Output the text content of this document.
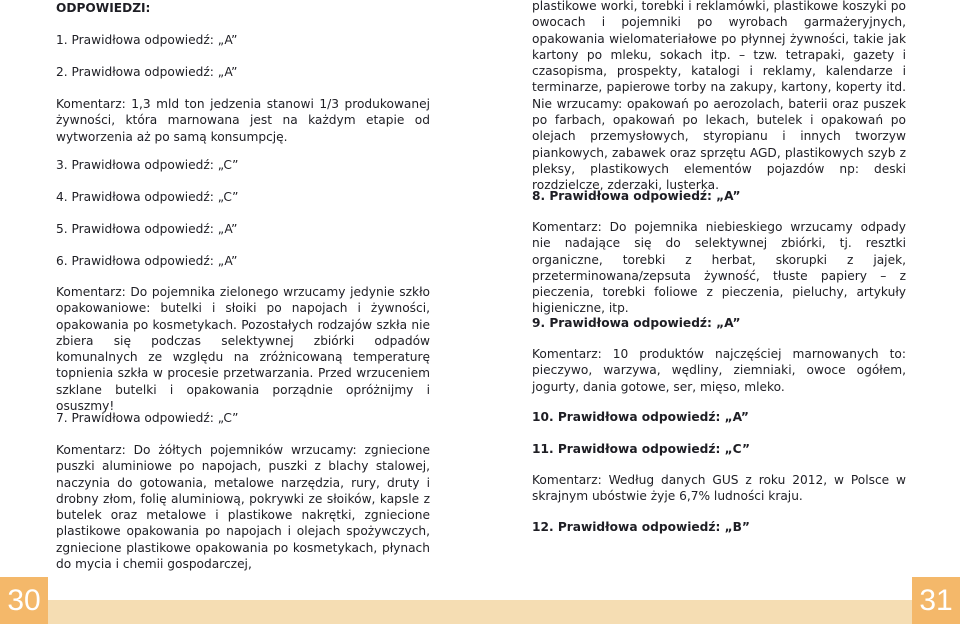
ODPOWIEDZI:

1. Prawidłowa odpowiedź: „A”

2. Prawidłowa odpowiedź: „A”

Komentarz: 1,3 mld ton jedzenia stanowi 1/3 produkowanej żywności, która marnowana jest na każdym etapie od wytworzenia aż po samą konsumpcję.

3. Prawidłowa odpowiedź: „C”

4. Prawidłowa odpowiedź: „C”

5. Prawidłowa odpowiedź: „A”

6. Prawidłowa odpowiedź: „A”

Komentarz: Do pojemnika zielonego wrzucamy jedynie szkło opakowaniowe: butelki i słoiki po napojach i żywności, opakowania po kosmetykach. Pozostałych rodzajów szkła nie zbiera się podczas selektywnej zbiórki odpadów komunalnych ze względu na zróżnicowaną temperaturę topnienia szkła w procesie przetwarzania. Przed wrzuceniem szklane butelki i opakowania porządnie opróżnijmy i osuszmy!

7. Prawidłowa odpowiedź: „C”

Komentarz: Do żółtych pojemników wrzucamy: zgniecione puszki aluminiowe po napojach, puszki z blachy stalowej, naczynia do gotowania, metalowe narzędzia, rury, druty i drobny złom, folię aluminiową, pokrywki ze słoików, kapsle z butelek oraz metalowe i plastikowe nakrętki, zgniecione plastikowe opakowania po napojach i olejach spożywczych, zgniecione plastikowe opakowania po kosmetykach, płynach do mycia i chemii gospodarczej,

plastikowe worki, torebki i reklamówki, plastikowe koszyki po owocach i pojemniki po wyrobach garmażeryjnych, opakowania wielomateriałowe po płynnej żywności, takie jak kartony po mleku, sokach itp. – tzw. tetrapaki, gazety i czasopisma, prospekty, katalogi i reklamy, kalendarze i terminarze, papierowe torby na zakupy, kartony, koperty itd. Nie wrzucamy: opakowań po aerozolach, baterii oraz puszek po farbach, opakowań po lekach, butelek i opakowań po olejach przemysłowych, styropianu i innych tworzyw piankowych, zabawek oraz sprzętu AGD, plastikowych szyb z pleksy, plastikowych elementów pojazdów np: deski rozdzielcze, zderzaki, lusterka.

8. Prawidłowa odpowiedź: „A”

Komentarz: Do pojemnika niebieskiego wrzucamy odpady nie nadające się do selektywnej zbiórki, tj. resztki organiczne, torebki z herbat, skorupki z jajek, przeterminowana/zepsuta żywność, tłuste papiery – z pieczenia, torebki foliowe z pieczenia, pieluchy, artykuły higieniczne, itp.

9. Prawidłowa odpowiedź: „A”

Komentarz: 10 produktów najczęściej marnowanych to: pieczywo, warzywa, wędliny, ziemniaki, owoce ogółem, jogurty, dania gotowe, ser, mięso, mleko.

10. Prawidłowa odpowiedź: „A”

11. Prawidłowa odpowiedź: „C”

Komentarz: Według danych GUS z roku 2012, w Polsce w skrajnym ubóstwie żyje 6,7% ludności kraju.

12. Prawidłowa odpowiedź: „B”

30	31
